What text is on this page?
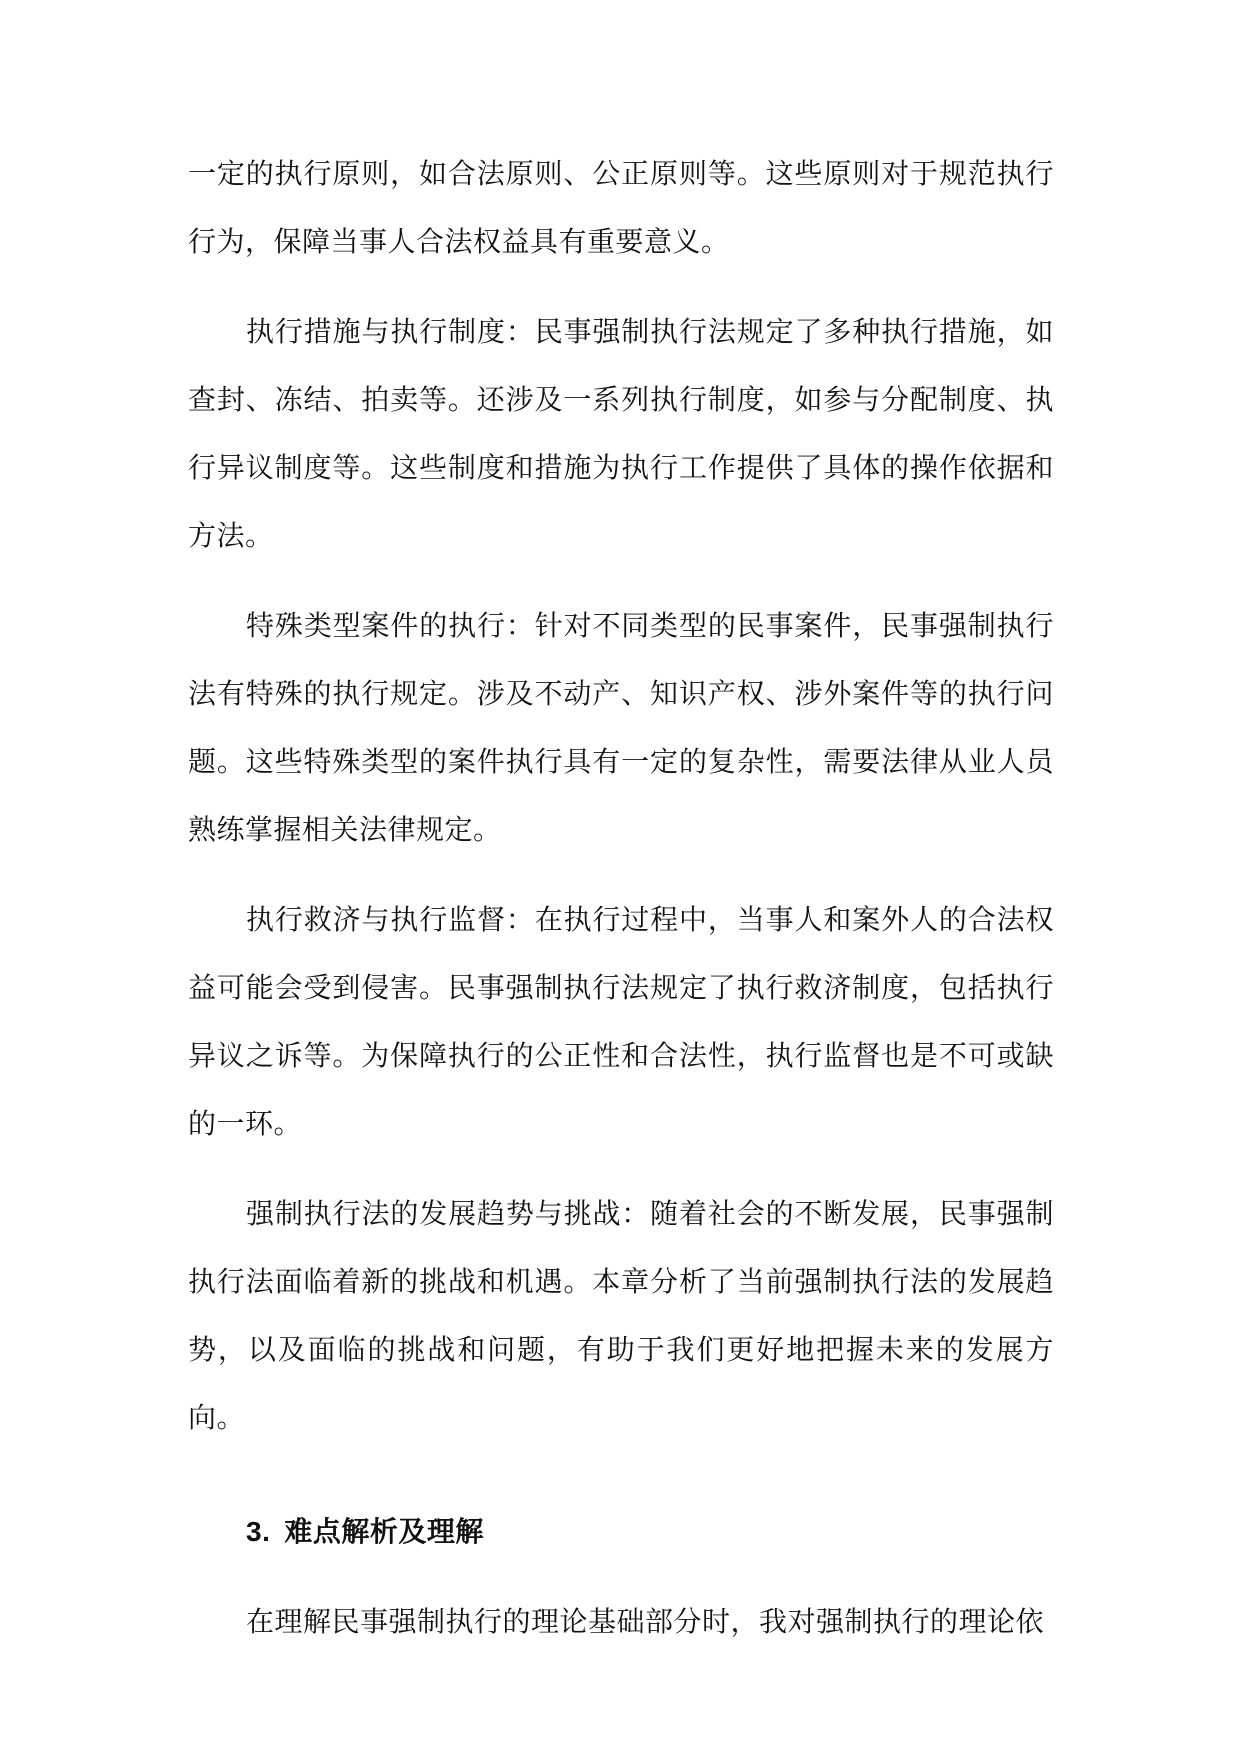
一定的执行原则，如合法原则、公正原则等。这些原则对于规范执行行为，保障当事人合法权益具有重要意义。

执行措施与执行制度：民事强制执行法规定了多种执行措施，如查封、冻结、拍卖等。还涉及一系列执行制度，如参与分配制度、执行异议制度等。这些制度和措施为执行工作提供了具体的操作依据和方法。

特殊类型案件的执行：针对不同类型的民事案件，民事强制执行法有特殊的执行规定。涉及不动产、知识产权、涉外案件等的执行问题。这些特殊类型的案件执行具有一定的复杂性，需要法律从业人员熟练掌握相关法律规定。

执行救济与执行监督：在执行过程中，当事人和案外人的合法权益可能会受到侵害。民事强制执行法规定了执行救济制度，包括执行异议之诉等。为保障执行的公正性和合法性，执行监督也是不可或缺的一环。

强制执行法的发展趋势与挑战：随着社会的不断发展，民事强制执行法面临着新的挑战和机遇。本章分析了当前强制执行法的发展趋势，以及面临的挑战和问题，有助于我们更好地把握未来的发展方向。

3. 难点解析及理解

在理解民事强制执行的理论基础部分时，我对强制执行的理论依
